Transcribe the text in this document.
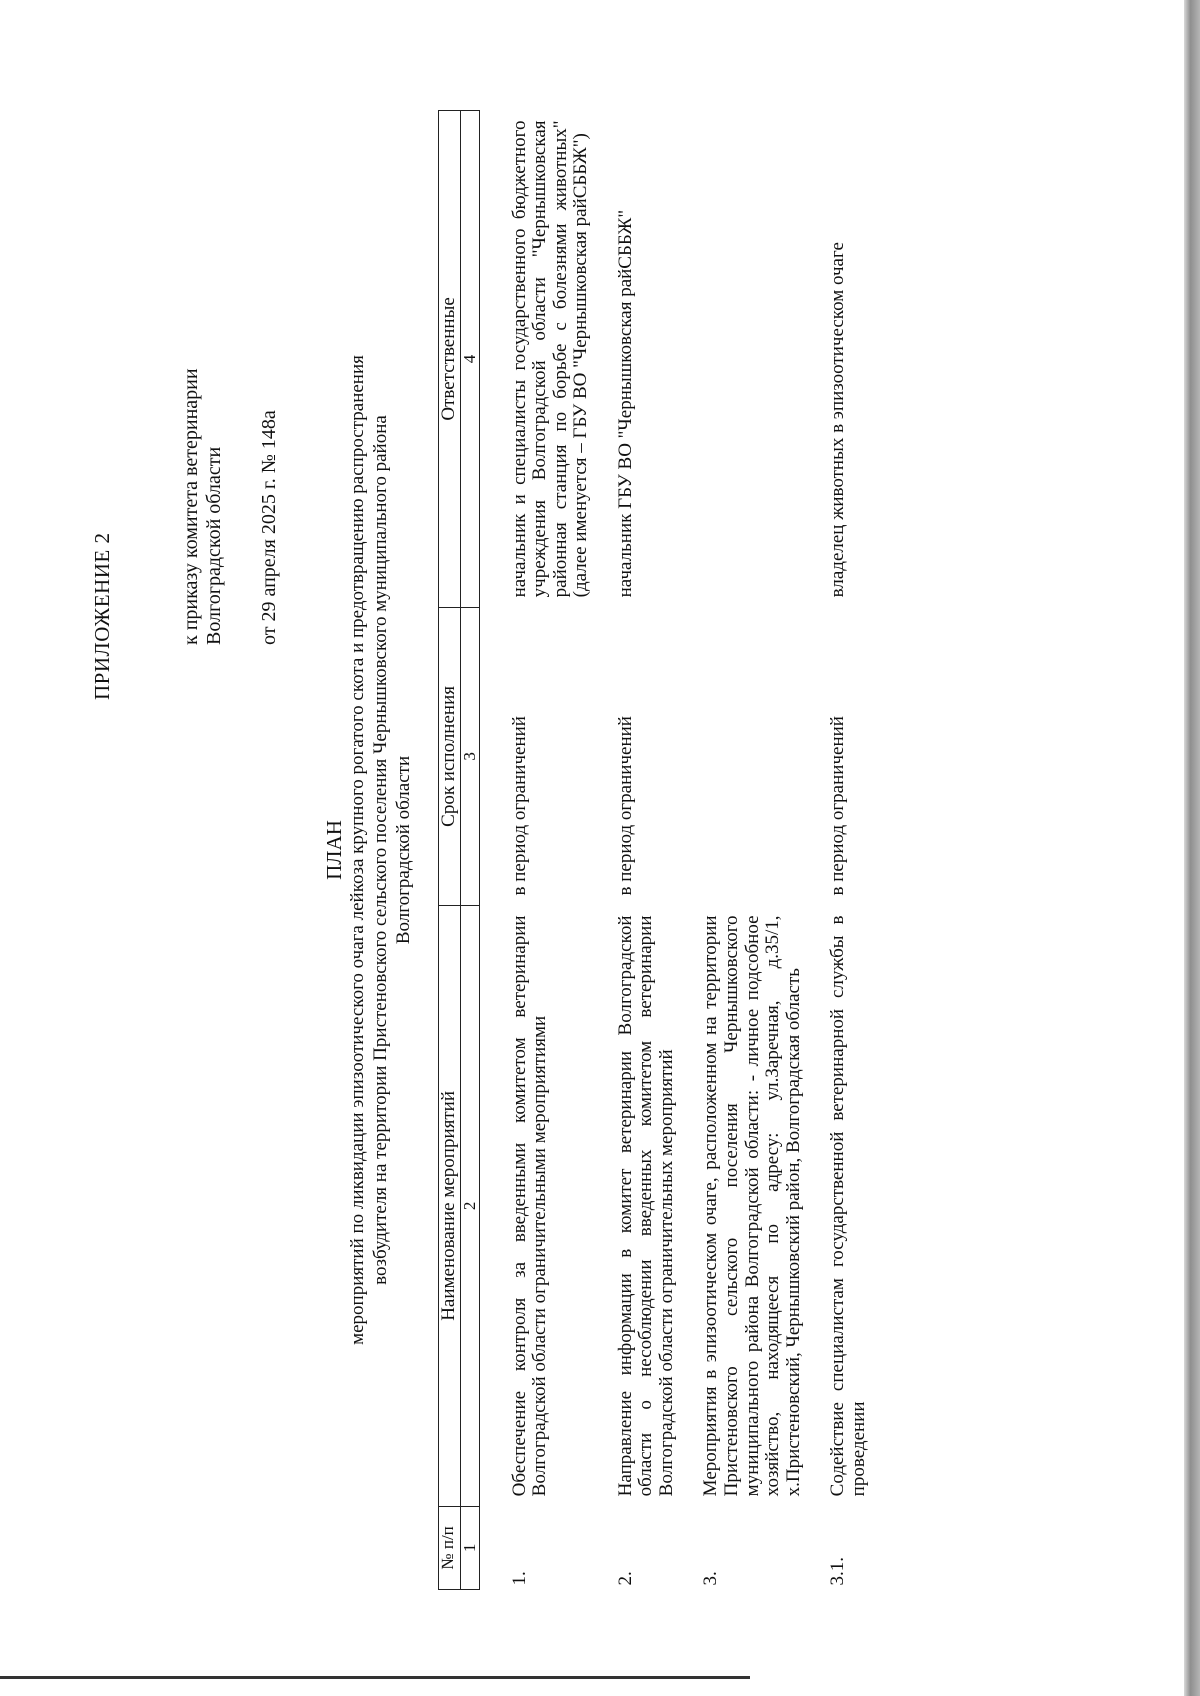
ПРИЛОЖЕНИЕ 2	к приказу комитета ветеринарии Волгоградской области от 29 апреля 2025 г. № 148а
ПЛАН мероприятий по ликвидации эпизоотического очага лейкоза крупного рогатого скота и предотвращению распространения возбудителя на территории Пристеновского сельского поселения Чернышковского муниципального района Волгоградской области
№ п/п	Наименование мероприятий	Срок исполнения	Ответственные
1	2	3	4

1.	Обеспечение контроля за введенными комитетом ветеринарии Волгоградской области ограничительными мероприятиями	в период ограничений	начальник и специалисты государственного бюджетного учреждения Волгоградской области "Чернышковская районная станция по борьбе с болезнями животных" (далее именуется – ГБУ ВО "Чернышковская райСББЖ")
2.	Направление информации в комитет ветеринарии Волгоградской области о несоблюдении введенных комитетом ветеринарии Волгоградской области ограничительных мероприятий	в период ограничений	начальник ГБУ ВО "Чернышковская райСББЖ"
3.	Мероприятия в эпизоотическом очаге, расположенном на территории Пристеновского сельского поселения Чернышковского муниципального района Волгоградской области: - личное подсобное хозяйство, находящееся по адресу: ул.Заречная, д.35/1, х.Пристеновский, Чернышковский район, Волгоградская область		
3.1.	Содействие специалистам государственной ветеринарной службы в проведении	в период ограничений	владелец животных в эпизоотическом очаге
